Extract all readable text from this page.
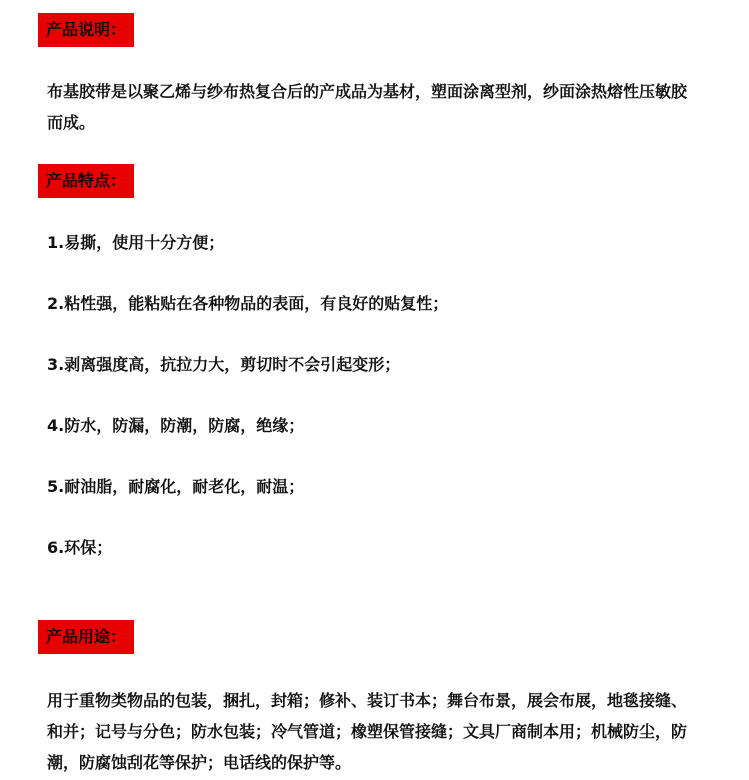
产品说明：

布基胶带是以聚乙烯与纱布热复合后的产成品为基材，塑面涂离型剂，纱面涂热熔性压敏胶而成。

产品特点：
1.易撕，使用十分方便；
2.粘性强，能粘贴在各种物品的表面，有良好的贴复性；
3.剥离强度高，抗拉力大，剪切时不会引起变形；
4.防水，防漏，防潮，防腐，绝缘；
5.耐油脂，耐腐化，耐老化，耐温；
6.环保；
产品用途：

用于重物类物品的包装，捆扎，封箱；修补、装订书本；舞台布景，展会布展，地毯接缝、和并；记号与分色；防水包装；冷气管道；橡塑保管接缝；文具厂商制本用；机械防尘，防潮，防腐蚀刮花等保护；电话线的保护等。
